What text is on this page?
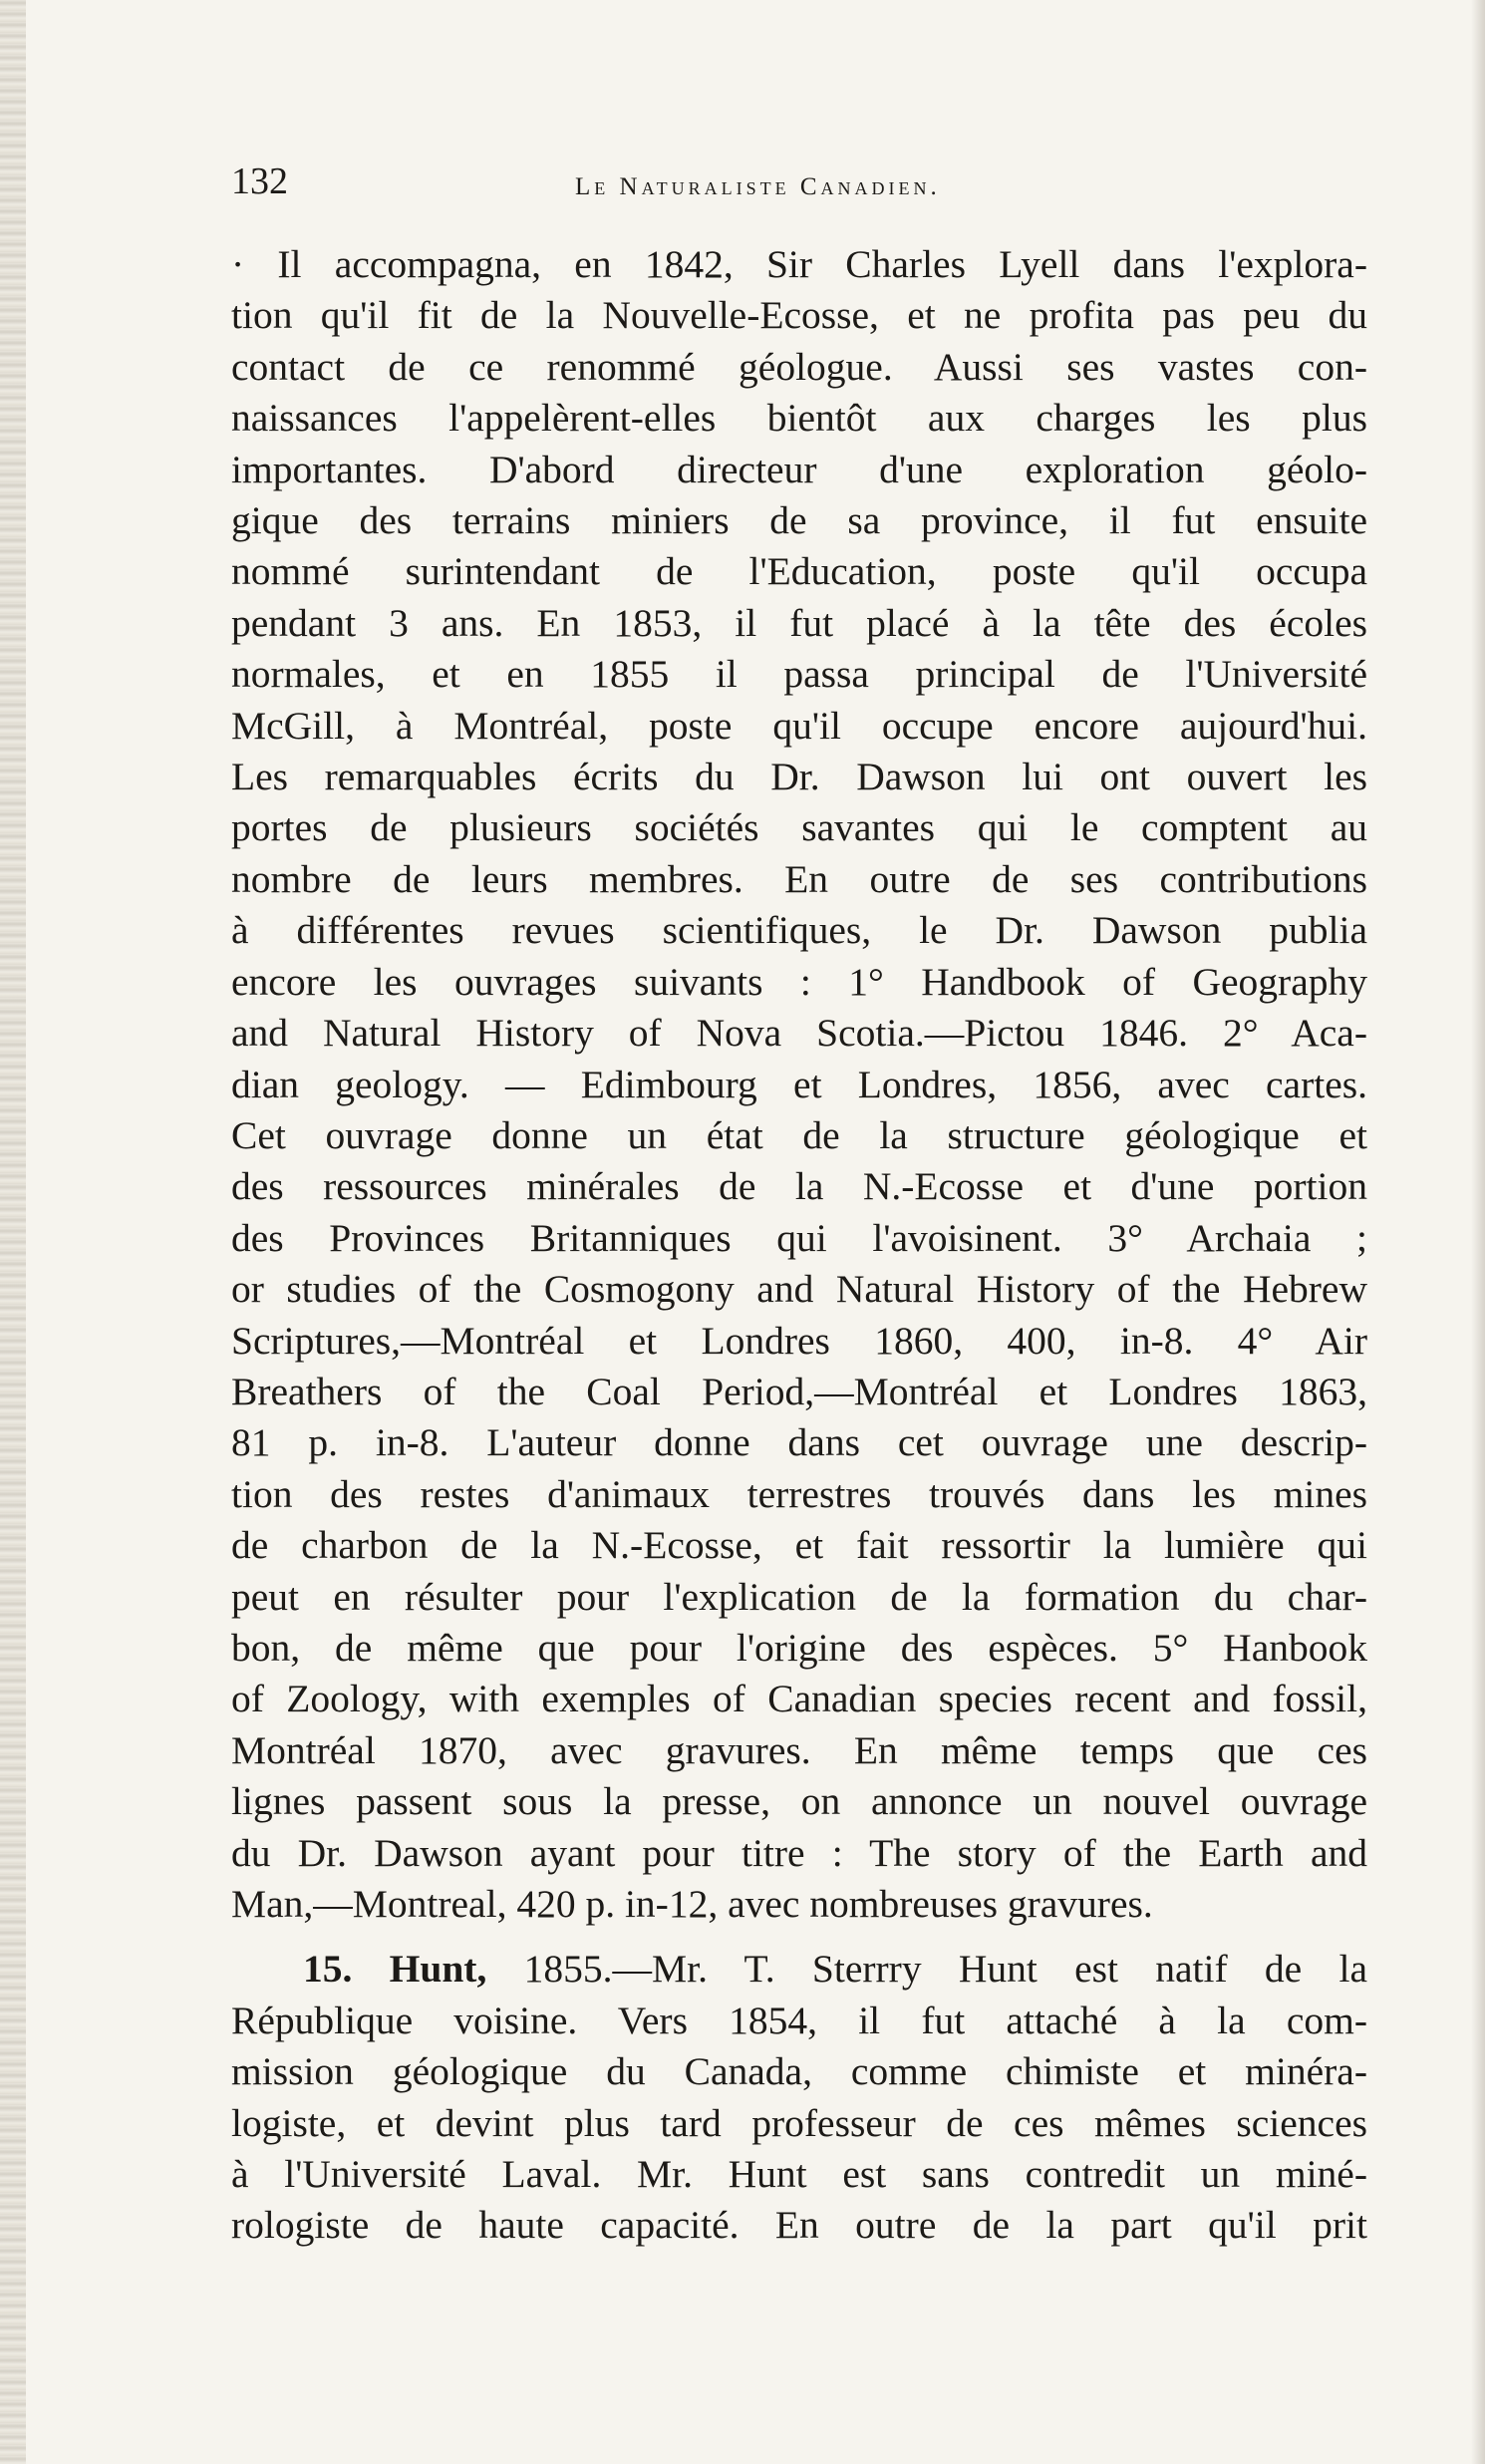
132	Le Naturaliste Canadien.
· Il accompagna, en 1842, Sir Charles Lyell dans l'explora-
tion qu'il fit de la Nouvelle-Ecosse, et ne profita pas peu du
contact de ce renommé géologue. Aussi ses vastes con-
naissances l'appelèrent-elles bientôt aux charges les plus
importantes. D'abord directeur d'une exploration géolo-
gique des terrains miniers de sa province, il fut ensuite
nommé surintendant de l'Education, poste qu'il occupa
pendant 3 ans. En 1853, il fut placé à la tête des écoles
normales, et en 1855 il passa principal de l'Université
McGill, à Montréal, poste qu'il occupe encore aujourd'hui.
Les remarquables écrits du Dr. Dawson lui ont ouvert les
portes de plusieurs sociétés savantes qui le comptent au
nombre de leurs membres. En outre de ses contributions
à différentes revues scientifiques, le Dr. Dawson publia
encore les ouvrages suivants : 1° Handbook of Geography
and Natural History of Nova Scotia.—Pictou 1846. 2° Aca-
dian geology. — Edimbourg et Londres, 1856, avec cartes.
Cet ouvrage donne un état de la structure géologique et
des ressources minérales de la N.-Ecosse et d'une portion
des Provinces Britanniques qui l'avoisinent. 3° Archaia ;
or studies of the Cosmogony and Natural History of the Hebrew
Scriptures,—Montréal et Londres 1860, 400, in-8. 4° Air
Breathers of the Coal Period,—Montréal et Londres 1863,
81 p. in-8. L'auteur donne dans cet ouvrage une descrip-
tion des restes d'animaux terrestres trouvés dans les mines
de charbon de la N.-Ecosse, et fait ressortir la lumière qui
peut en résulter pour l'explication de la formation du char-
bon, de même que pour l'origine des espèces. 5° Hanbook
of Zoology, with exemples of Canadian species recent and fossil,
Montréal 1870, avec gravures. En même temps que ces
lignes passent sous la presse, on annonce un nouvel ouvrage
du Dr. Dawson ayant pour titre : The story of the Earth and
Man,—Montreal, 420 p. in-12, avec nombreuses gravures.
15. Hunt, 1855.—Mr. T. Sterrry Hunt est natif de la
République voisine. Vers 1854, il fut attaché à la com-
mission géologique du Canada, comme chimiste et minéra-
logiste, et devint plus tard professeur de ces mêmes sciences
à l'Université Laval. Mr. Hunt est sans contredit un miné-
rologiste de haute capacité. En outre de la part qu'il prit
